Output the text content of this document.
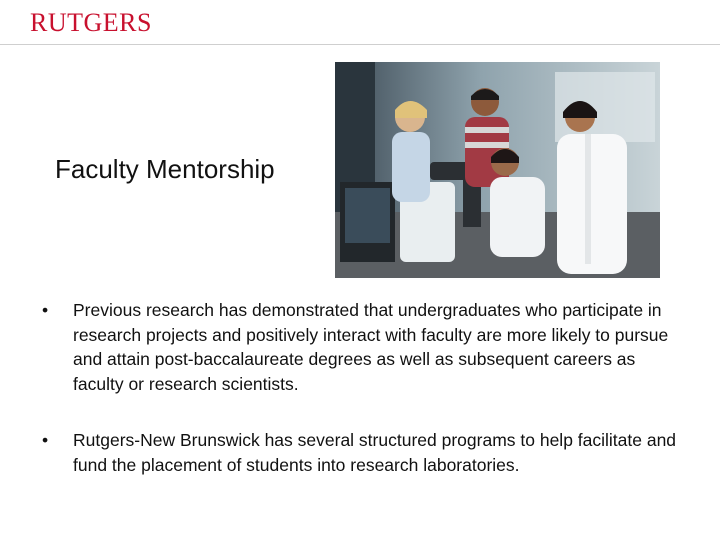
RUTGERS
Faculty Mentorship
• Previous research has demonstrated that undergraduates who participate in research projects and positively interact with faculty are more likely to pursue and attain post-baccalaureate degrees as well as subsequent careers as faculty or research scientists.
• Rutgers-New Brunswick has several structured programs to help facilitate and fund the placement of students into research laboratories.
